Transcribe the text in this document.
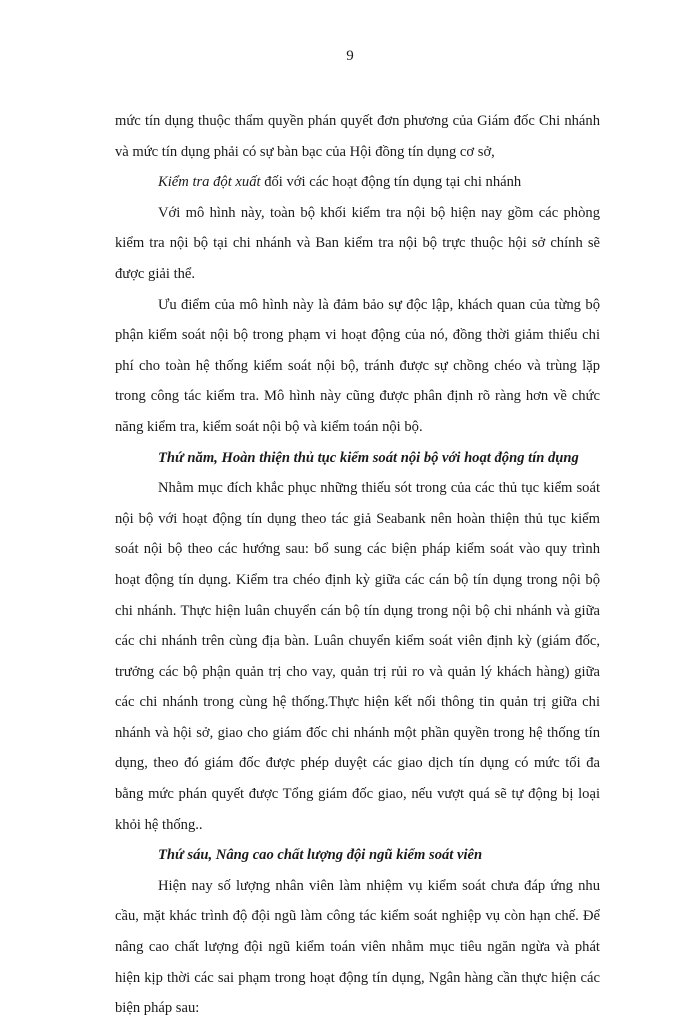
9

mức tín dụng thuộc thẩm quyền phán quyết đơn phương của Giám đốc Chi nhánh và mức tín dụng phải có sự bàn bạc của Hội đồng tín dụng cơ sở,

Kiểm tra đột xuất đối với các hoạt động tín dụng tại chi nhánh

Với mô hình này, toàn bộ khối kiểm tra nội bộ hiện nay gồm các phòng kiểm tra nội bộ tại chi nhánh và Ban kiểm tra nội bộ trực thuộc hội sở chính sẽ được giải thể.

Ưu điểm của mô hình này là đảm bảo sự độc lập, khách quan của từng bộ phận kiểm soát nội bộ trong phạm vi hoạt động của nó, đồng thời giảm thiểu chi phí cho toàn hệ thống kiểm soát nội bộ, tránh được sự chồng chéo và trùng lặp trong công tác kiểm tra. Mô hình này cũng được phân định rõ ràng hơn về chức năng kiểm tra, kiểm soát nội bộ và kiểm toán nội bộ.

Thứ năm, Hoàn thiện thủ tục kiểm soát nội bộ với hoạt động tín dụng

Nhằm mục đích khắc phục những thiếu sót trong của các thủ tục kiểm soát nội bộ với hoạt động tín dụng theo tác giả Seabank nên hoàn thiện thủ tục kiểm soát nội bộ theo các hướng sau: bổ sung các biện pháp kiểm soát vào quy trình hoạt động tín dụng. Kiểm tra chéo định kỳ giữa các cán bộ tín dụng trong nội bộ chi nhánh. Thực hiện luân chuyển cán bộ tín dụng trong nội bộ chi nhánh và giữa các chi nhánh trên cùng địa bàn. Luân chuyển kiểm soát viên định kỳ (giám đốc, trưởng các bộ phận quản trị cho vay, quản trị rủi ro và quản lý khách hàng) giữa các chi nhánh trong cùng hệ thống.Thực hiện kết nối thông tin quản trị giữa chi nhánh và hội sở, giao cho giám đốc chi nhánh một phần quyền trong hệ thống tín dụng, theo đó giám đốc được phép duyệt các giao dịch tín dụng có mức tối đa bằng mức phán quyết được Tổng giám đốc giao, nếu vượt quá sẽ tự động bị loại khỏi hệ thống..

Thứ sáu, Nâng cao chất lượng đội ngũ kiểm soát viên

Hiện nay số lượng nhân viên làm nhiệm vụ kiểm soát chưa đáp ứng nhu cầu, mặt khác trình độ đội ngũ làm công tác kiểm soát nghiệp vụ còn hạn chế. Để nâng cao chất lượng đội ngũ kiểm toán viên nhằm mục tiêu ngăn ngừa và phát hiện kịp thời các sai phạm trong hoạt động tín dụng, Ngân hàng cần thực hiện các biện pháp sau:
